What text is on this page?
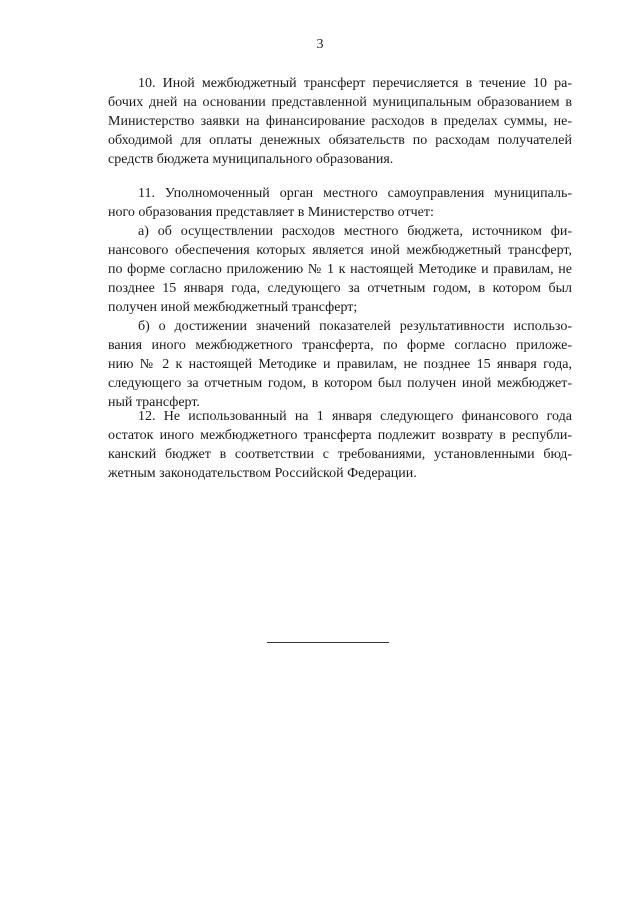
3
10. Иной межбюджетный трансферт перечисляется в течение 10 ра-
бочих дней на основании представленной муниципальным образованием в
Министерство заявки на финансирование расходов в пределах суммы, не-
обходимой для оплаты денежных обязательств по расходам получателей
средств бюджета муниципального образования.
11. Уполномоченный орган местного самоуправления муниципаль-
ного образования представляет в Министерство отчет:
а) об осуществлении расходов местного бюджета, источником фи-
нансового обеспечения которых является иной межбюджетный трансферт,
по форме согласно приложению № 1 к настоящей Методике и правилам, не
позднее 15 января года, следующего за отчетным годом, в котором был
получен иной межбюджетный трансферт;
б) о достижении значений показателей результативности использо-
вания иного межбюджетного трансферта, по форме согласно приложе-
нию № 2 к настоящей Методике и правилам, не позднее 15 января года,
следующего за отчетным годом, в котором был получен иной межбюджет-
ный трансферт.
12. Не использованный на 1 января следующего финансового года
остаток иного межбюджетного трансферта подлежит возврату в республи-
канский бюджет в соответствии с требованиями, установленными бюд-
жетным законодательством Российской Федерации.
